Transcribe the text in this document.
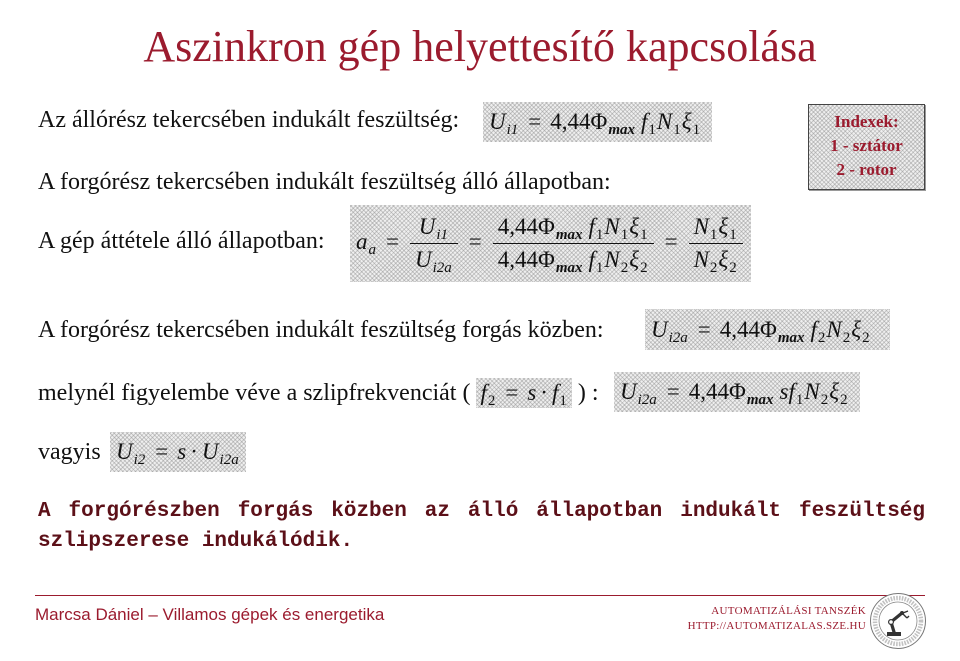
Aszinkron gép helyettesítő kapcsolása
Az állórész tekercsében indukált feszültség: $U_{i1} = 4,44\Phi_{max}$ $f_1N_1\xi_1$	Indexek:
1 - sztátor
2 - rotor
A forgórész tekercsében indukált feszültség álló állapotban:
A gép áttétele álló állapotban: $a_a = \frac{U_{i1}}{U_{i2a}} = \frac{4,44\Phi_{max} f_1N_1\xi_1}{4,44\Phi_{max} f_1N_2\xi_2} = \frac{N_1\xi_1}{N_2\xi_2}$
A forgórész tekercsében indukált feszültség forgás közben: $U_{i2a} = 4,44\Phi_{max}$ $f_2N_2\xi_2$
melynél figyelembe véve a szlipfrekvenciát ( $f_2 = s \cdot f_1$ ) : $U_{i2a} = 4,44\Phi_{max}$ $sf_1N_2\xi_2$
vagyis $U_{i2} = s \cdot U_{i2a}$

A forgórészben forgás közben az álló állapotban indukált feszültség szlipszerese indukálódik.

Marcsa Dániel – Villamos gépek és energetika	AUTOMATIZÁLÁSI TANSZÉK
HTTP://AUTOMATIZALAS.SZE.HU
